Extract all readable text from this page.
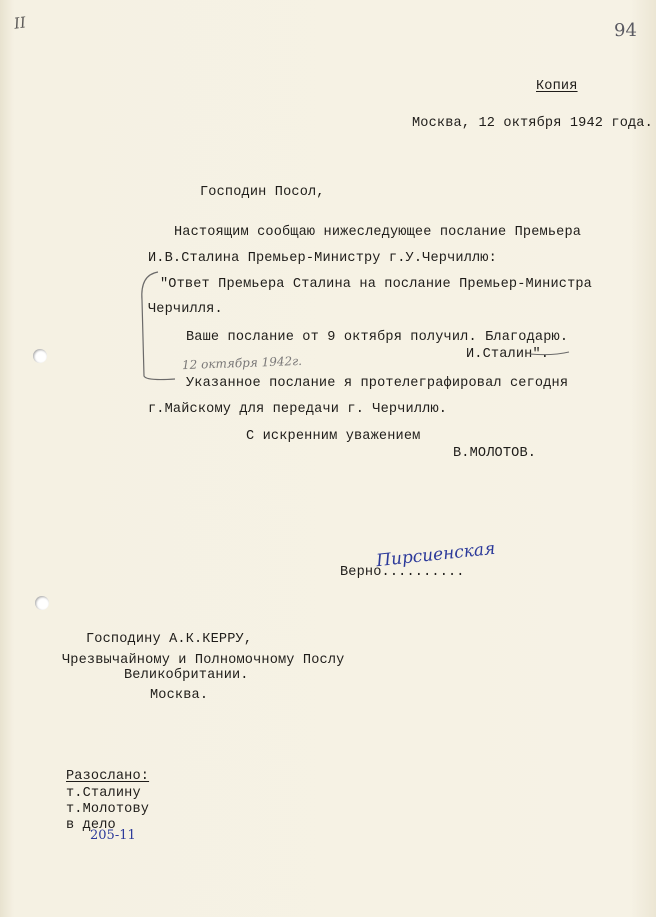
II	94
Копия
Москва, 12 октября 1942 года.
Господин Посол,
Настоящим сообщаю нижеследующее послание Премьера
И.В.Сталина Премьер-Министру г.У.Черчиллю:
"Ответ Премьера Сталина на послание Премьер-Министра
Черчилля.
Ваше послание от 9 октября получил. Благодарю.
И.Сталин".
Указанное послание я протелеграфировал сегодня
г.Майскому для передачи г. Черчиллю.
12 октября 1942г.
С искренним уважением
В.МОЛОТОВ.
Верно..........
Пирсиенская
Господину А.К.КЕРРУ,
Чрезвычайному и Полномочному Послу
Великобритании.
Москва.
Разослано:
т.Сталину
т.Молотову
в дело
205-11
